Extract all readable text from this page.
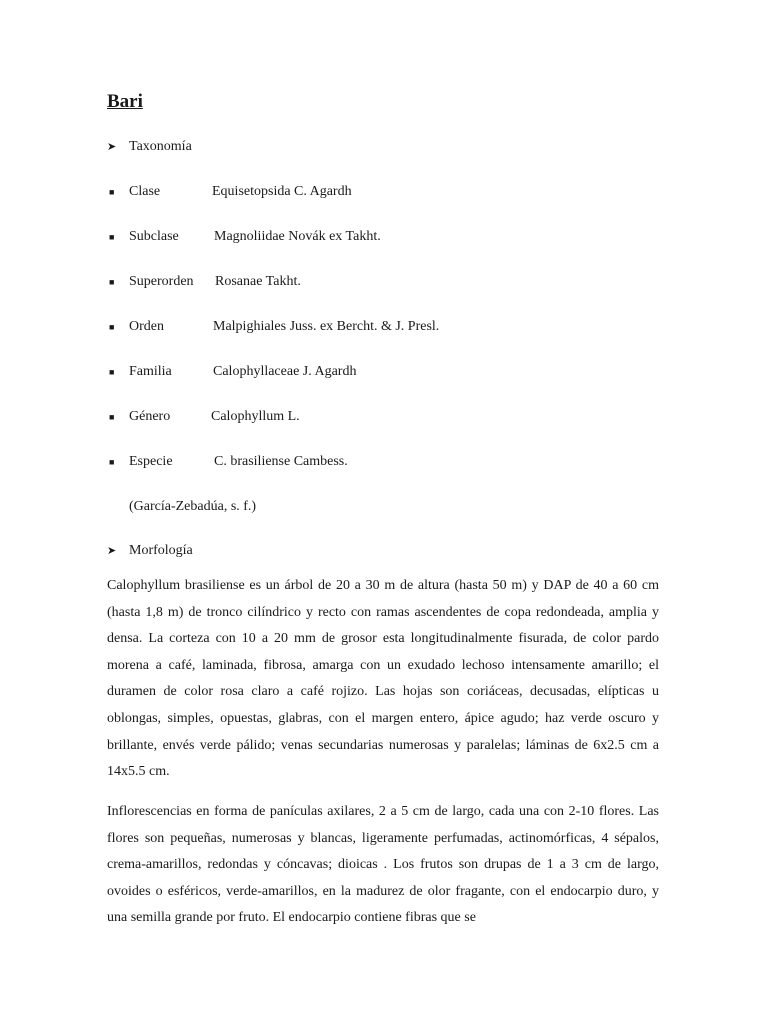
Bari
➤ Taxonomía
■ Clase	Equisetopsida C. Agardh
■ Subclase	Magnoliidae Novák ex Takht.
■ Superorden Rosanae Takht.
■ Orden	Malpighiales Juss. ex Bercht. & J. Presl.
■ Familia	Calophyllaceae J. Agardh
■ Género	Calophyllum L.
■ Especie	C. brasiliense Cambess.
(García-Zebadúa, s. f.)
➤ Morfología

Calophyllum brasiliense es un árbol de 20 a 30 m de altura (hasta 50 m) y DAP de 40 a 60 cm (hasta 1,8 m) de tronco cilíndrico y recto con ramas ascendentes de copa redondeada, amplia y densa. La corteza con 10 a 20 mm de grosor esta longitudinalmente fisurada, de color pardo morena a café, laminada, fibrosa, amarga con un exudado lechoso intensamente amarillo; el duramen de color rosa claro a café rojizo. Las hojas son coriáceas, decusadas, elípticas u oblongas, simples, opuestas, glabras, con el margen entero, ápice agudo; haz verde oscuro y brillante, envés verde pálido; venas secundarias numerosas y paralelas; láminas de 6x2.5 cm a 14x5.5 cm.

Inflorescencias en forma de panículas axilares, 2 a 5 cm de largo, cada una con 2-10 flores. Las flores son pequeñas, numerosas y blancas, ligeramente perfumadas, actinomórficas, 4 sépalos, crema-amarillos, redondas y cóncavas; dioicas . Los frutos son drupas de 1 a 3 cm de largo, ovoides o esféricos, verde-amarillos, en la madurez de olor fragante, con el endocarpio duro, y una semilla grande por fruto. El endocarpio contiene fibras que se
